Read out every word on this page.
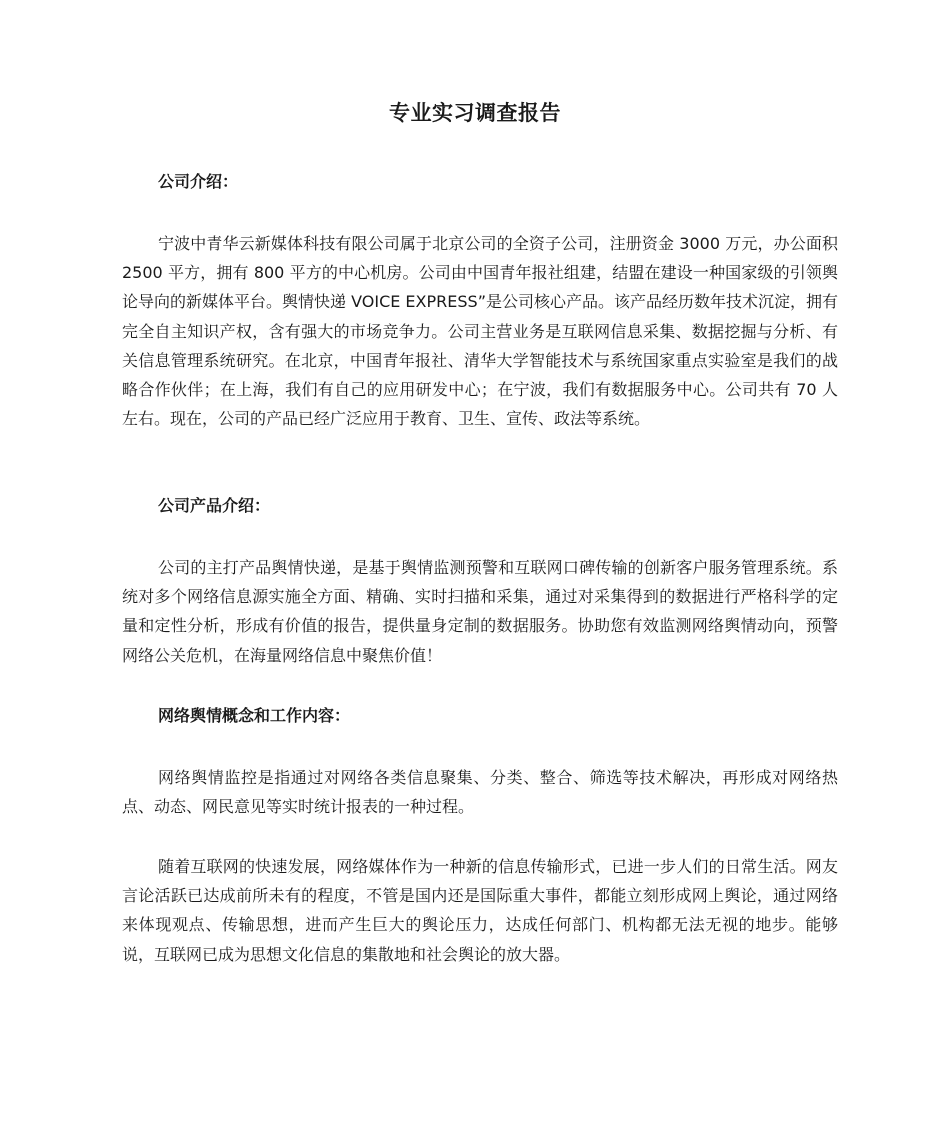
专业实习调查报告
公司介绍：

宁波中青华云新媒体科技有限公司属于北京公司的全资子公司，注册资金 3000 万元，办公面积 2500 平方，拥有 800 平方的中心机房。公司由中国青年报社组建，结盟在建设一种国家级的引领舆论导向的新媒体平台。舆情快递 VOICE EXPRESS”是公司核心产品。该产品经历数年技术沉淀，拥有完全自主知识产权，含有强大的市场竞争力。公司主营业务是互联网信息采集、数据挖掘与分析、有关信息管理系统研究。在北京，中国青年报社、清华大学智能技术与系统国家重点实验室是我们的战略合作伙伴；在上海，我们有自己的应用研发中心；在宁波，我们有数据服务中心。公司共有 70 人左右。现在，公司的产品已经广泛应用于教育、卫生、宣传、政法等系统。

公司产品介绍：

公司的主打产品舆情快递，是基于舆情监测预警和互联网口碑传输的创新客户服务管理系统。系统对多个网络信息源实施全方面、精确、实时扫描和采集，通过对采集得到的数据进行严格科学的定量和定性分析，形成有价值的报告，提供量身定制的数据服务。协助您有效监测网络舆情动向，预警网络公关危机，在海量网络信息中聚焦价值！

网络舆情概念和工作内容：

网络舆情监控是指通过对网络各类信息聚集、分类、整合、筛选等技术解决，再形成对网络热点、动态、网民意见等实时统计报表的一种过程。

随着互联网的快速发展，网络媒体作为一种新的信息传输形式，已进一步人们的日常生活。网友言论活跃已达成前所未有的程度，不管是国内还是国际重大事件，都能立刻形成网上舆论，通过网络来体现观点、传输思想，进而产生巨大的舆论压力，达成任何部门、机构都无法无视的地步。能够说，互联网已成为思想文化信息的集散地和社会舆论的放大器。
